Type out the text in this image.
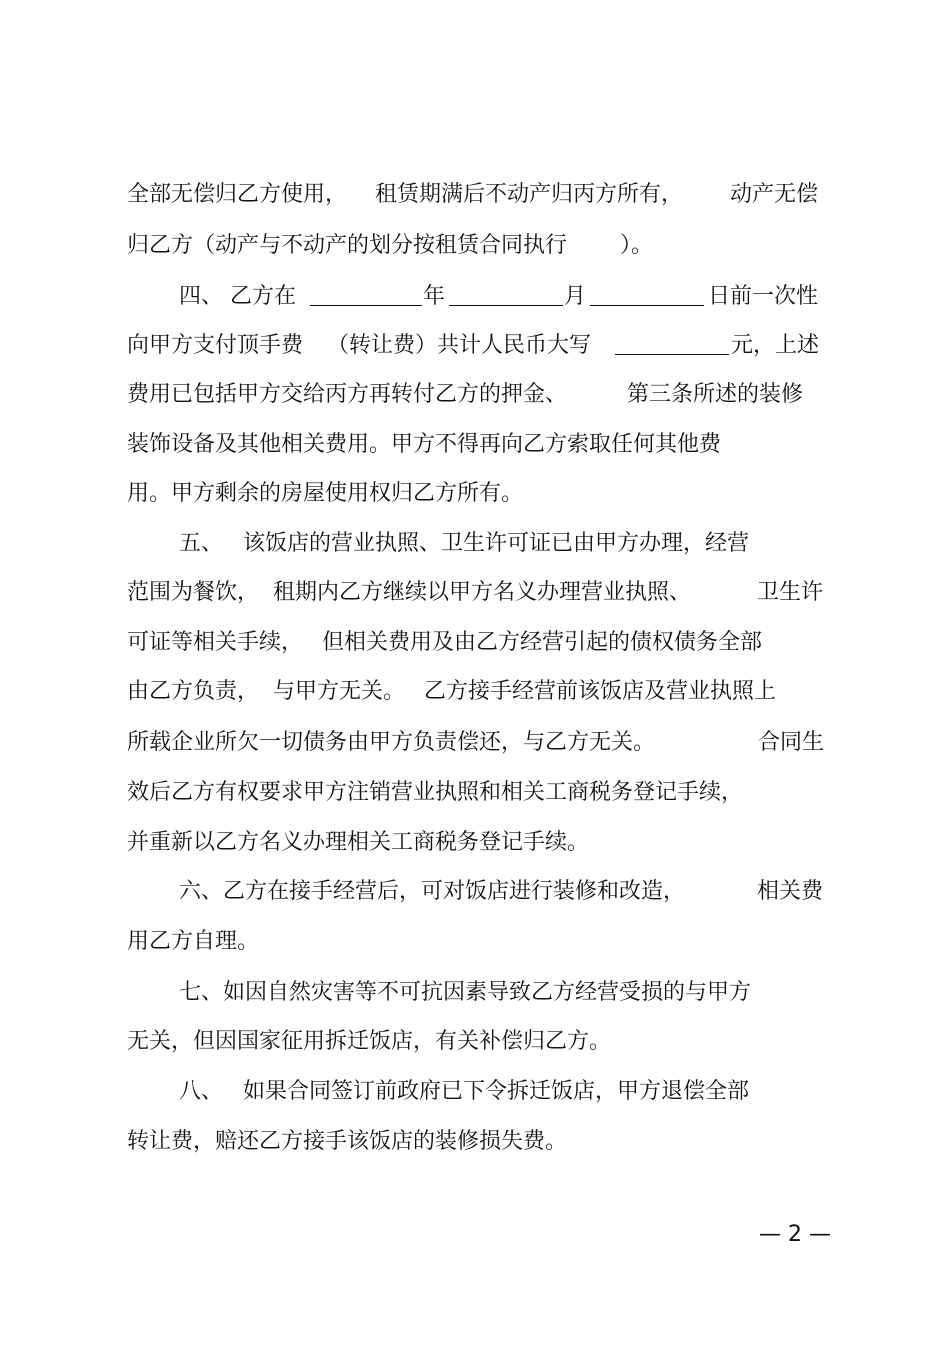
全部无偿归乙方使用， 租赁期满后不动产归丙方所有， 动产无偿
归乙方（动产与不动产的划分按租赁合同执行 ）。
四、 乙方在	年	月	日前一次性
向甲方支付顶手费 （转让费）共计人民币大写	元，上述
费用已包括甲方交给丙方再转付乙方的押金、	第三条所述的装修
装饰设备及其他相关费用。甲方不得再向乙方索取任何其他费
用。甲方剩余的房屋使用权归乙方所有。
五、 该饭店的营业执照、卫生许可证已由甲方办理，经营
范围为餐饮， 租期内乙方继续以甲方名义办理营业执照、	卫生许
可证等相关手续， 但相关费用及由乙方经营引起的债权债务全部
由乙方负责， 与甲方无关。 乙方接手经营前该饭店及营业执照上
所载企业所欠一切债务由甲方负责偿还，与乙方无关。	合同生
效后乙方有权要求甲方注销营业执照和相关工商税务登记手续，
并重新以乙方名义办理相关工商税务登记手续。
六、乙方在接手经营后，可对饭店进行装修和改造，	相关费
用乙方自理。
七、如因自然灾害等不可抗因素导致乙方经营受损的与甲方
无关，但因国家征用拆迁饭店，有关补偿归乙方。
八、 如果合同签订前政府已下令拆迁饭店，甲方退偿全部
转让费，赔还乙方接手该饭店的装修损失费。
— 2 —
